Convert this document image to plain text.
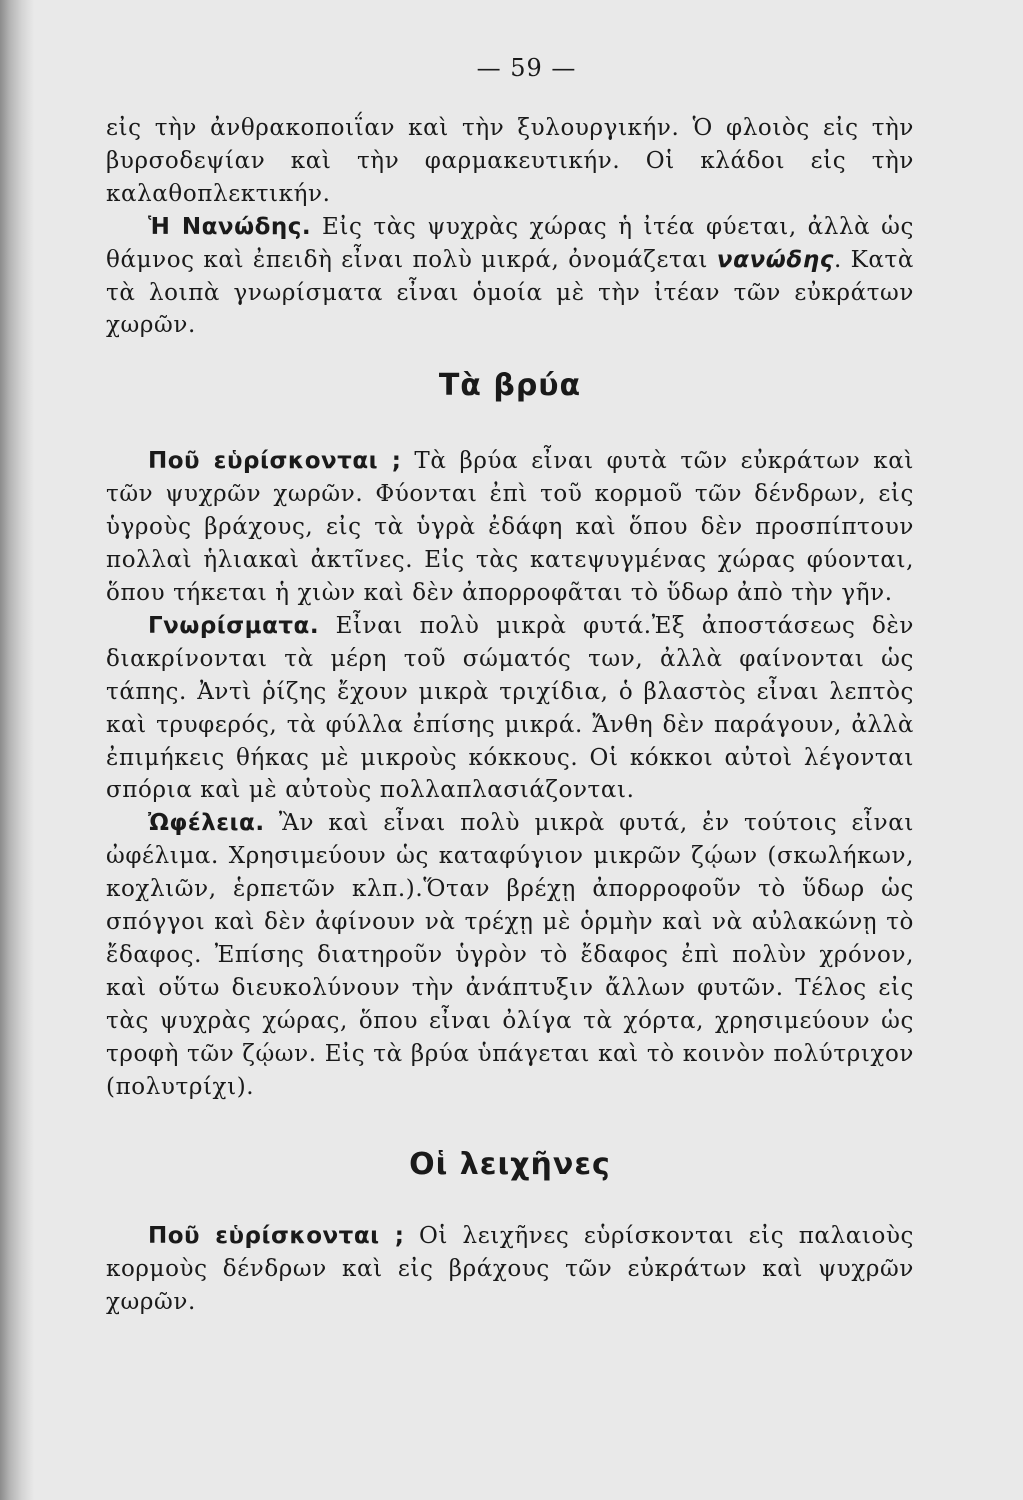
— 59 —

εἰς τὴν ἀνθρακοποιΐαν καὶ τὴν ξυλουργικήν. Ὁ φλοιὸς εἰς τὴν βυρσοδεψίαν καὶ τὴν φαρμακευτικήν. Οἱ κλάδοι εἰς τὴν καλαθοπλεκτικήν.

Ἡ Νανώδης. Εἰς τὰς ψυχρὰς χώρας ἡ ἰτέα φύεται, ἀλλὰ ὡς θάμνος καὶ ἐπειδὴ εἶναι πολὺ μικρά, ὀνομάζεται νανώδης. Κατὰ τὰ λοιπὰ γνωρίσματα εἶναι ὁμοία μὲ τὴν ἰτέαν τῶν εὐκράτων χωρῶν.

Τὰ βρύα

Ποῦ εὑρίσκονται ; Τὰ βρύα εἶναι φυτὰ τῶν εὐκράτων καὶ τῶν ψυχρῶν χωρῶν. Φύονται ἐπὶ τοῦ κορμοῦ τῶν δένδρων, εἰς ὑγροὺς βράχους, εἰς τὰ ὑγρὰ ἐδάφη καὶ ὅπου δὲν προσπίπτουν πολλαὶ ἡλιακαὶ ἀκτῖνες. Εἰς τὰς κατεψυγμένας χώρας φύονται, ὅπου τήκεται ἡ χιὼν καὶ δὲν ἀπορροφᾶται τὸ ὕδωρ ἀπὸ τὴν γῆν.

Γνωρίσματα. Εἶναι πολὺ μικρὰ φυτά.Ἐξ ἀποστάσεως δὲν διακρίνονται τὰ μέρη τοῦ σώματός των, ἀλλὰ φαίνονται ὡς τάπης. Ἀντὶ ῥίζης ἔχουν μικρὰ τριχίδια, ὁ βλαστὸς εἶναι λεπτὸς καὶ τρυφερός, τὰ φύλλα ἐπίσης μικρά. Ἄνθη δὲν παράγουν, ἀλλὰ ἐπιμήκεις θήκας μὲ μικροὺς κόκκους. Οἱ κόκκοι αὐτοὶ λέγονται σπόρια καὶ μὲ αὐτοὺς πολλαπλασιάζονται.

Ὠφέλεια. Ἂν καὶ εἶναι πολὺ μικρὰ φυτά, ἐν τούτοις εἶναι ὠφέλιμα. Χρησιμεύουν ὡς καταφύγιον μικρῶν ζῴων (σκωλήκων, κοχλιῶν, ἑρπετῶν κλπ.).Ὅταν βρέχῃ ἀπορροφοῦν τὸ ὕδωρ ὡς σπόγγοι καὶ δὲν ἀφίνουν νὰ τρέχῃ μὲ ὁρμὴν καὶ νὰ αὐλακώνῃ τὸ ἔδαφος. Ἐπίσης διατηροῦν ὑγρὸν τὸ ἔδαφος ἐπὶ πολὺν χρόνον, καὶ οὕτω διευκολύνουν τὴν ἀνάπτυξιν ἄλλων φυτῶν. Τέλος εἰς τὰς ψυχρὰς χώρας, ὅπου εἶναι ὀλίγα τὰ χόρτα, χρησιμεύουν ὡς τροφὴ τῶν ζῴων. Εἰς τὰ βρύα ὑπάγεται καὶ τὸ κοινὸν πολύτριχον (πολυτρίχι).

Οἱ λειχῆνες

Ποῦ εὑρίσκονται ; Οἱ λειχῆνες εὑρίσκονται εἰς παλαιοὺς κορμοὺς δένδρων καὶ εἰς βράχους τῶν εὐκράτων καὶ ψυχρῶν χωρῶν.
